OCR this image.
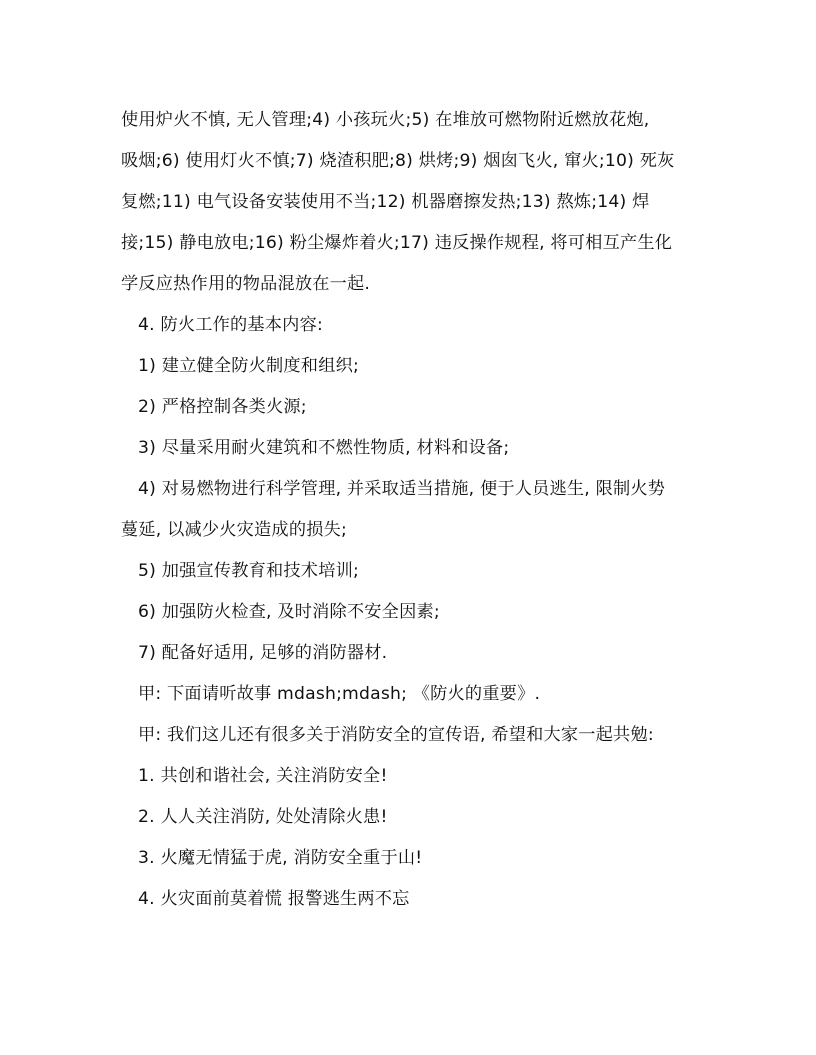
使用炉火不慎, 无人管理;4) 小孩玩火;5) 在堆放可燃物附近燃放花炮,
吸烟;6) 使用灯火不慎;7) 烧渣积肥;8) 烘烤;9) 烟囱飞火, 窜火;10) 死灰
复燃;11) 电气设备安装使用不当;12) 机器磨擦发热;13) 熬炼;14) 焊
接;15) 静电放电;16) 粉尘爆炸着火;17) 违反操作规程, 将可相互产生化
学反应热作用的物品混放在一起.
4. 防火工作的基本内容:
1) 建立健全防火制度和组织;
2) 严格控制各类火源;
3) 尽量采用耐火建筑和不燃性物质, 材料和设备;
4) 对易燃物进行科学管理, 并采取适当措施, 便于人员逃生, 限制火势
蔓延, 以减少火灾造成的损失;
5) 加强宣传教育和技术培训;
6) 加强防火检查, 及时消除不安全因素;
7) 配备好适用, 足够的消防器材.
甲: 下面请听故事 mdash;mdash; 《防火的重要》.
甲: 我们这儿还有很多关于消防安全的宣传语, 希望和大家一起共勉:
1. 共创和谐社会, 关注消防安全!
2. 人人关注消防, 处处清除火患!
3. 火魔无情猛于虎, 消防安全重于山!
4. 火灾面前莫着慌 报警逃生两不忘
